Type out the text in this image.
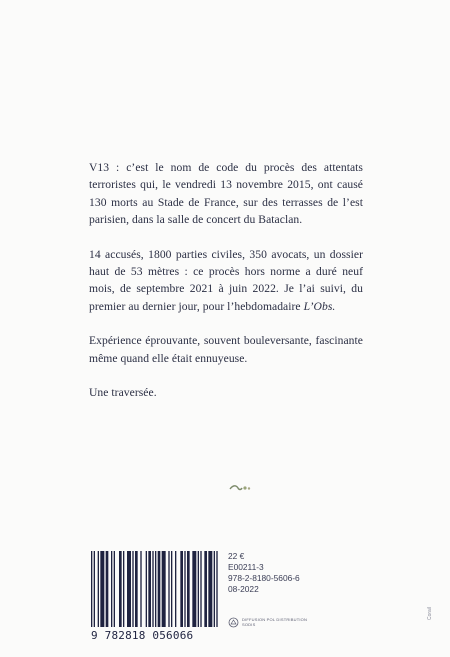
V13 : c’est le nom de code du procès des attentats terroristes qui, le vendredi 13 novembre 2015, ont causé 130 morts au Stade de France, sur des terrasses de l’est parisien, dans la salle de concert du Bataclan.

14 accusés, 1800 parties civiles, 350 avocats, un dossier haut de 53 mètres : ce procès hors norme a duré neuf mois, de septembre 2021 à juin 2022. Je l’ai suivi, du premier au dernier jour, pour l’hebdomadaire L’Obs.

Expérience éprouvante, souvent bouleversante, fascinante même quand elle était ennuyeuse.

Une traversée.

9 782818 056066
22 €
E00211-3
978-2-8180-5606-6
08-2022
DIFFUSION POL DISTRIBUTION SODIS
Corail
